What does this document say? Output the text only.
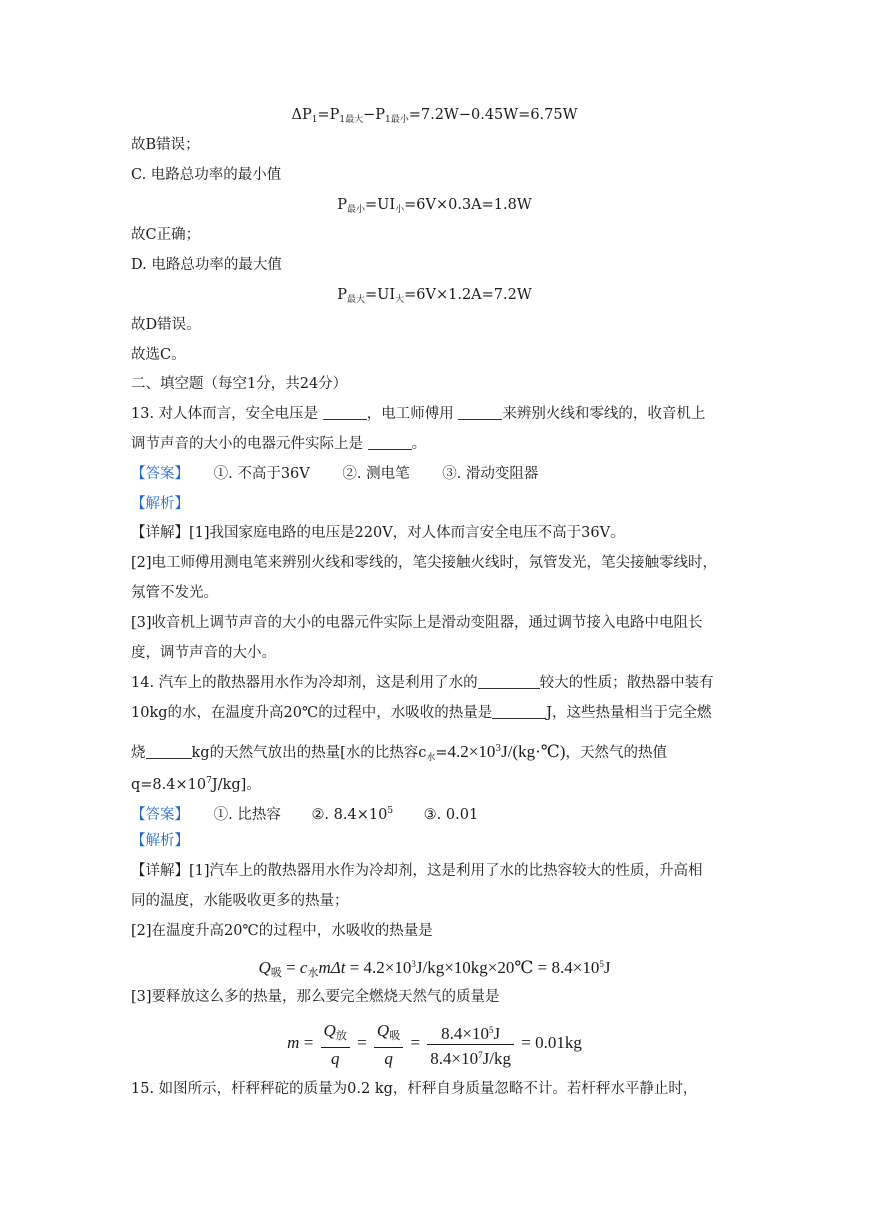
$\Delta P_1=P_{1最大}-P_{1最小}=7.2W-0.45W=6.75W$
故B错误；
C. 电路总功率的最小值
$P_{最小}=UI_小=6V\times 0.3A=1.8W$
故C正确；
D. 电路总功率的最大值
$P_{最大}=UI_大=6V\times 1.2A=7.2W$
故D错误。
故选C。
二、填空题（每空1分，共24分）
13. 对人体而言，安全电压是	，电工师傅用	来辨别火线和零线的，收音机上
调节声音的大小的电器元件实际上是	。
【答案】 ①. 不高于36V ②. 测电笔 ③. 滑动变阻器
【解析】
【详解】[1]我国家庭电路的电压是220V，对人体而言安全电压不高于36V。
[2]电工师傅用测电笔来辨别火线和零线的，笔尖接触火线时，氖管发光，笔尖接触零线时，
氖管不发光。
[3]收音机上调节声音的大小的电器元件实际上是滑动变阻器，通过调节接入电路中电阻长
度，调节声音的大小。
14. 汽车上的散热器用水作为冷却剂，这是利用了水的	较大的性质；散热器中装有
10kg的水，在温度升高20℃的过程中，水吸收的热量是	J，这些热量相当于完全燃
烧	kg的天然气放出的热量[水的比热容$c_水=4.2\times 10^3J/(kg\cdot℃)$，天然气的热值
$q=8.4\times 10^7J/kg$]。
【答案】 ①. 比热容 ②. $8.4\times 10^5$ ③. 0.01
【解析】
【详解】[1]汽车上的散热器用水作为冷却剂，这是利用了水的比热容较大的性质，升高相
同的温度，水能吸收更多的热量；
[2]在温度升高20℃的过程中，水吸收的热量是
$Q_吸 = c_水m\Delta t$ = $4.2\times 10^3J/kg\times 10kg\times 20℃ = 8.4\times 10^5J$
[3]要释放这么多的热量，那么要完全燃烧天然气的质量是
$m = \frac{Q_放}{q} = \frac{Q_吸}{q} = \frac{8.4\times 10^5J}{8.4\times 10^7J/kg} = 0.01kg$
15. 如图所示，杆秤秤砣的质量为0.2 kg，杆秤自身质量忽略不计。若杆秤水平静止时，
